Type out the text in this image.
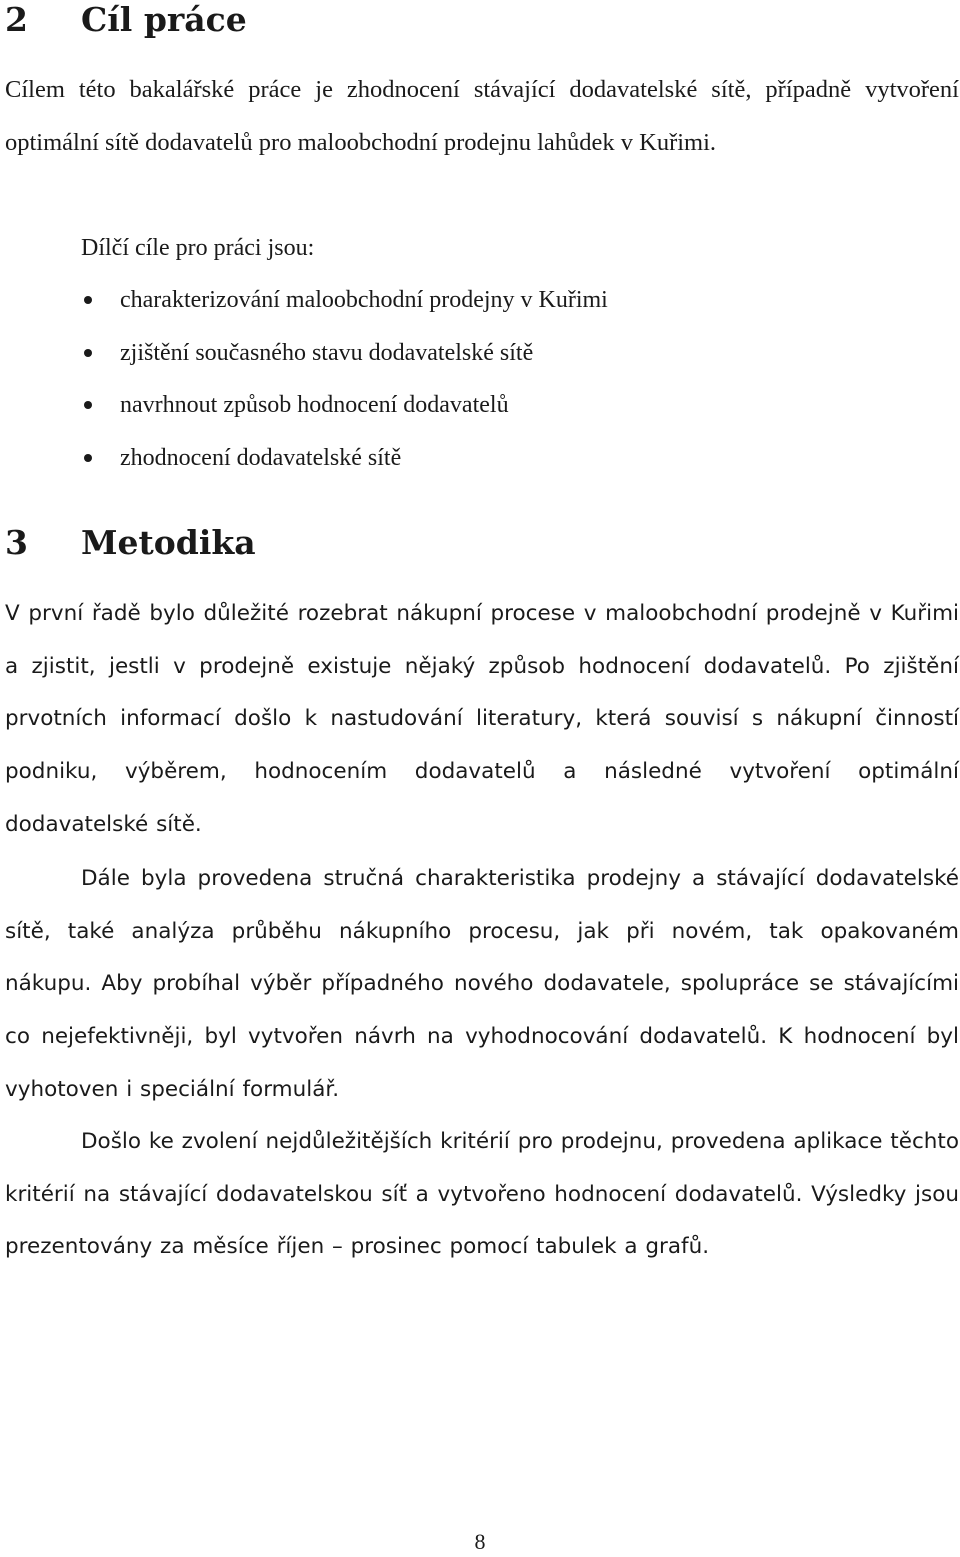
2 Cíl práce

Cílem této bakalářské práce je zhodnocení stávající dodavatelské sítě, případně vytvoření optimální sítě dodavatelů pro maloobchodní prodejnu lahůdek v Kuřimi.

Dílčí cíle pro práci jsou:

charakterizování maloobchodní prodejny v Kuřimi
zjištění současného stavu dodavatelské sítě
navrhnout způsob hodnocení dodavatelů
zhodnocení dodavatelské sítě
3 Metodika

V první řadě bylo důležité rozebrat nákupní procese v maloobchodní prodejně v Kuřimi a zjistit, jestli v prodejně existuje nějaký způsob hodnocení dodavatelů. Po zjištění prvotních informací došlo k nastudování literatury, která souvisí s nákupní činností podniku, výběrem, hodnocením dodavatelů a následné vytvoření optimální dodavatelské sítě.

Dále byla provedena stručná charakteristika prodejny a stávající dodavatelské sítě, také analýza průběhu nákupního procesu, jak při novém, tak opakovaném nákupu. Aby probíhal výběr případného nového dodavatele, spolupráce se stávajícími co nejefektivněji, byl vytvořen návrh na vyhodnocování dodavatelů. K hodnocení byl vyhotoven i speciální formulář.

Došlo ke zvolení nejdůležitějších kritérií pro prodejnu, provedena aplikace těchto kritérií na stávající dodavatelskou síť a vytvořeno hodnocení dodavatelů. Výsledky jsou prezentovány za měsíce říjen – prosinec pomocí tabulek a grafů.

8
